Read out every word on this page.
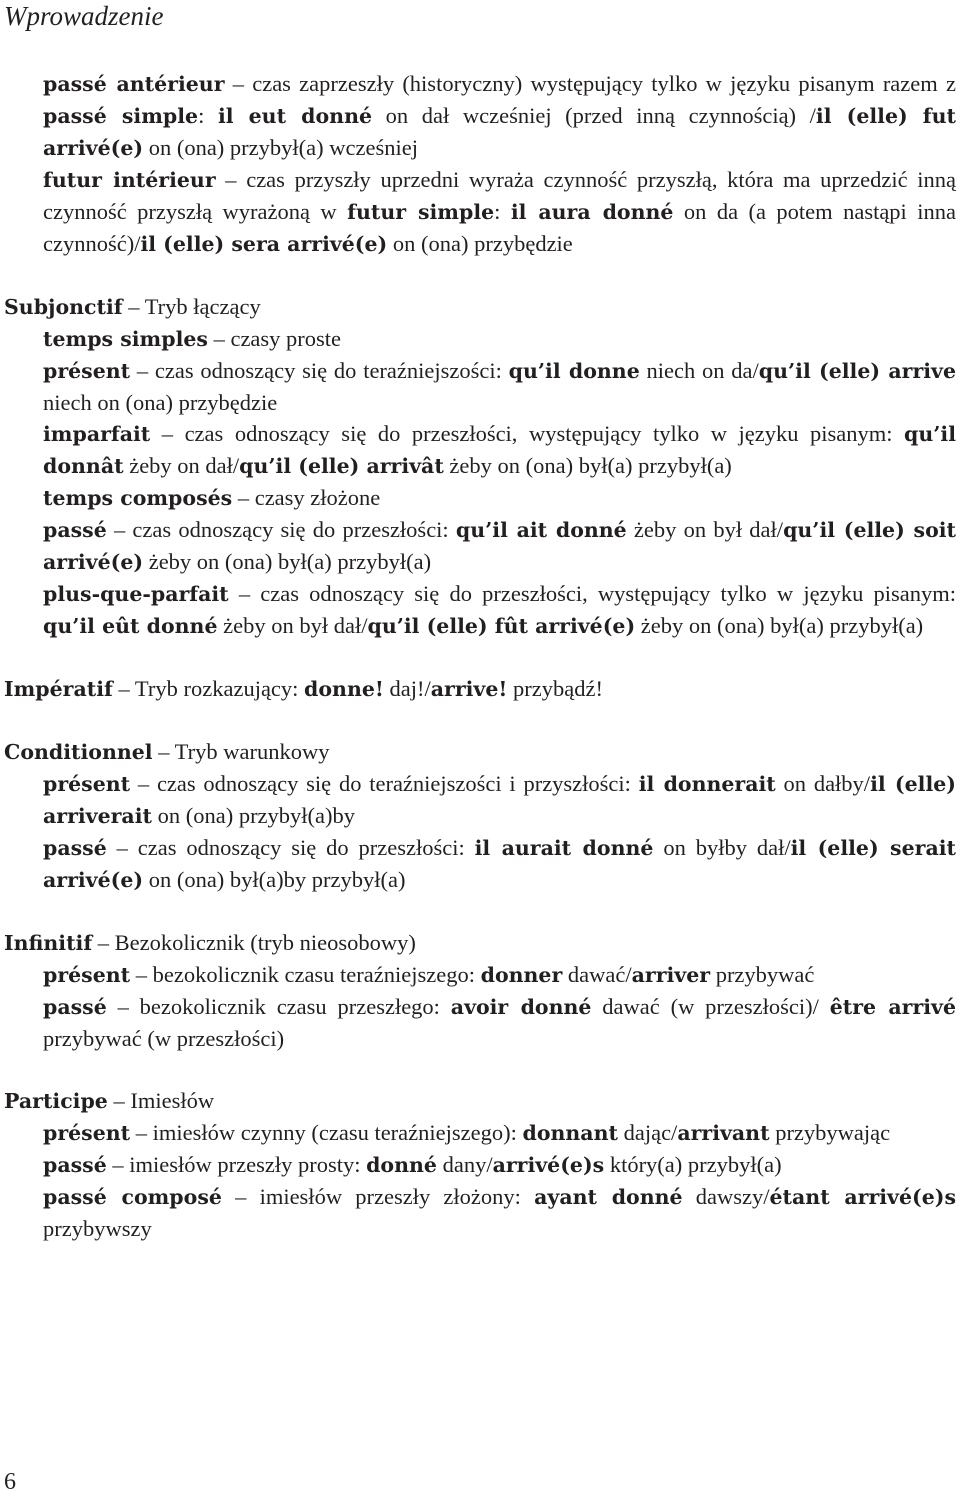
Wprowadzenie

passé antérieur – czas zaprzeszły (historyczny) występujący tylko w języku pisanym razem z passé simple: il eut donné on dał wcześniej (przed inną czynnością) /il (elle) fut arrivé(e) on (ona) przybył(a) wcześniej

futur intérieur – czas przyszły uprzedni wyraża czynność przyszłą, która ma uprzedzić inną czynność przyszłą wyrażoną w futur simple: il aura donné on da (a potem nastąpi inna czynność)/il (elle) sera arrivé(e) on (ona) przybędzie

Subjonctif – Tryb łączący

temps simples – czasy proste

présent – czas odnoszący się do teraźniejszości: qu’il donne niech on da/qu’il (elle) arrive niech on (ona) przybędzie

imparfait – czas odnoszący się do przeszłości, występujący tylko w języku pisanym: qu’il donnât żeby on dał/qu’il (elle) arrivât żeby on (ona) był(a) przybył(a)

temps composés – czasy złożone

passé – czas odnoszący się do przeszłości: qu’il ait donné żeby on był dał/qu’il (elle) soit arrivé(e) żeby on (ona) był(a) przybył(a)

plus-que-parfait – czas odnoszący się do przeszłości, występujący tylko w języku pisanym: qu’il eût donné żeby on był dał/qu’il (elle) fût arrivé(e) żeby on (ona) był(a) przybył(a)

Impératif – Tryb rozkazujący: donne! daj!/arrive! przybądź!

Conditionnel – Tryb warunkowy

présent – czas odnoszący się do teraźniejszości i przyszłości: il donnerait on dałby/il (elle) arriverait on (ona) przybył(a)by

passé – czas odnoszący się do przeszłości: il aurait donné on byłby dał/il (elle) serait arrivé(e) on (ona) był(a)by przybył(a)

Infinitif – Bezokolicznik (tryb nieosobowy)

présent – bezokolicznik czasu teraźniejszego: donner dawać/arriver przybywać

passé – bezokolicznik czasu przeszłego: avoir donné dawać (w przeszłości)/ être arrivé przybywać (w przeszłości)

Participe – Imiesłów

présent – imiesłów czynny (czasu teraźniejszego): donnant dając/arrivant przybywając

passé – imiesłów przeszły prosty: donné dany/arrivé(e)s który(a) przybył(a)

passé composé – imiesłów przeszły złożony: ayant donné dawszy/étant arrivé(e)s przybywszy

6
